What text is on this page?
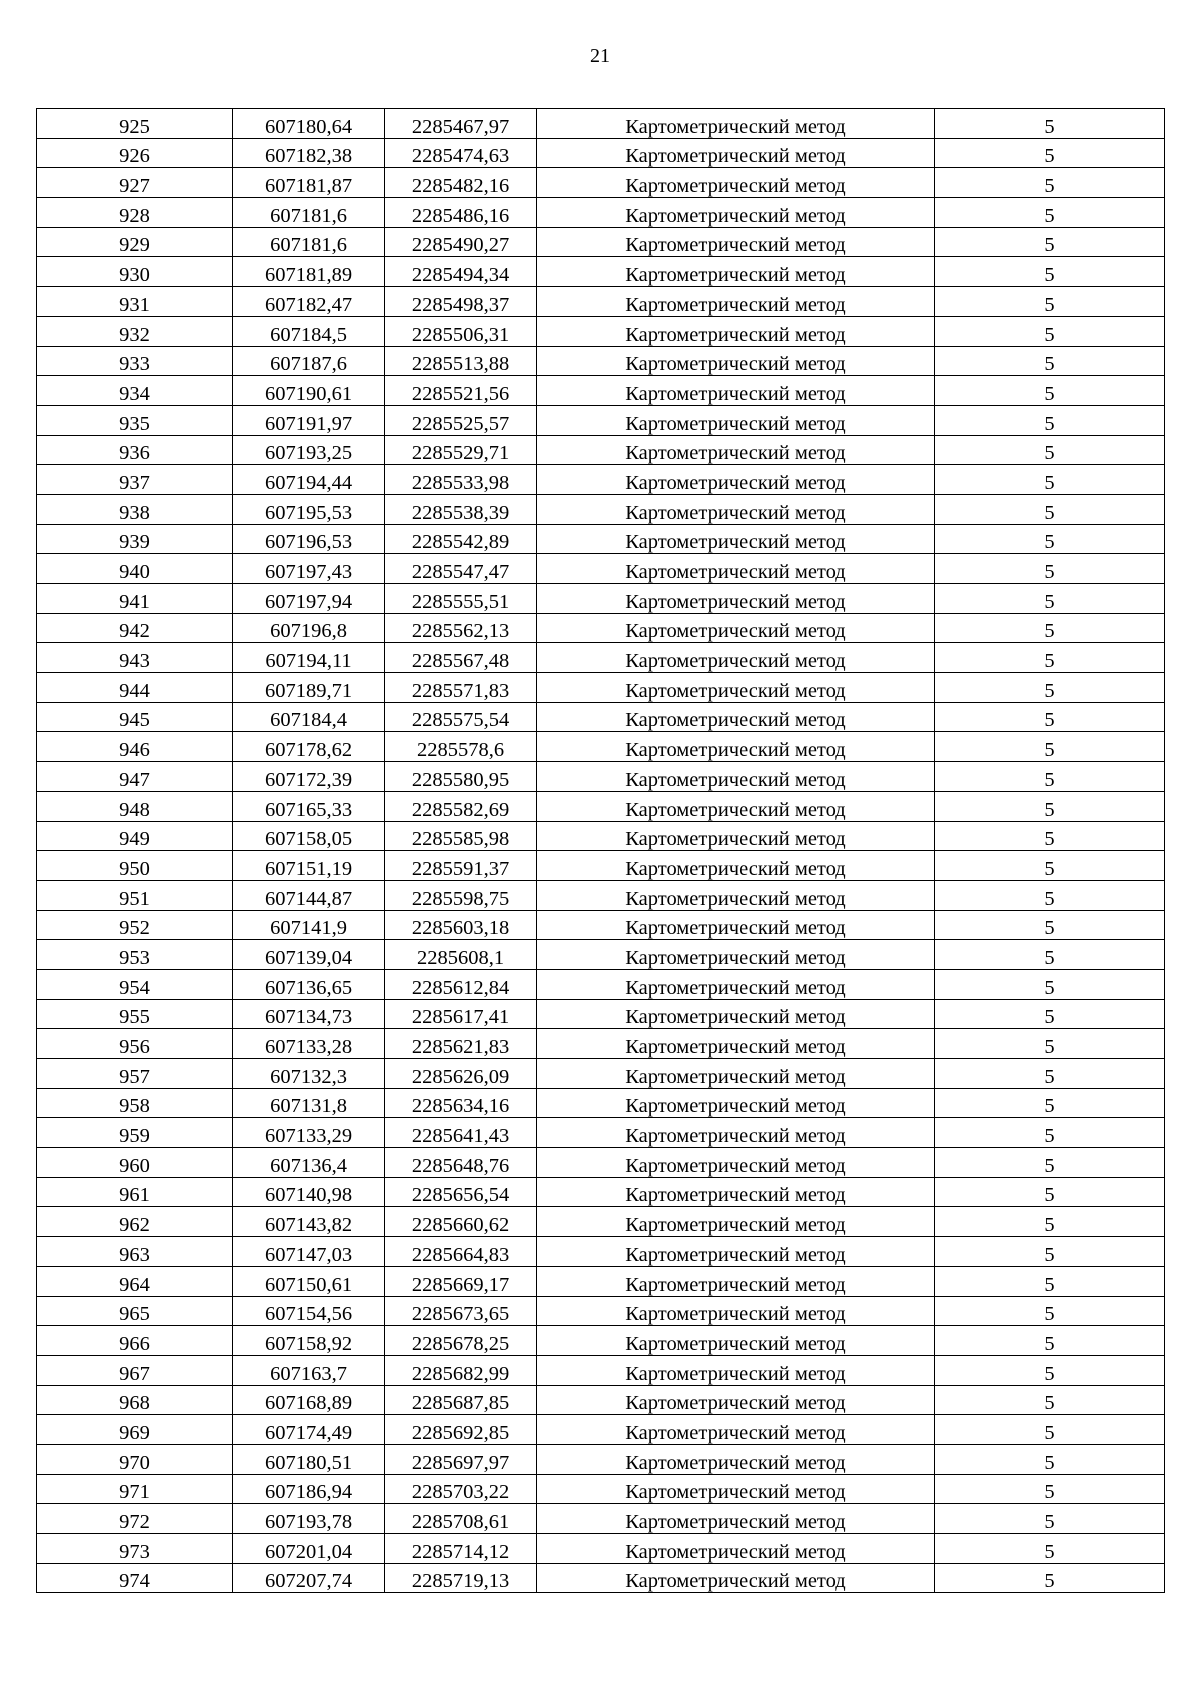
21
925	607180,64	2285467,97	Картометрический метод	5
926	607182,38	2285474,63	Картометрический метод	5
927	607181,87	2285482,16	Картометрический метод	5
928	607181,6	2285486,16	Картометрический метод	5
929	607181,6	2285490,27	Картометрический метод	5
930	607181,89	2285494,34	Картометрический метод	5
931	607182,47	2285498,37	Картометрический метод	5
932	607184,5	2285506,31	Картометрический метод	5
933	607187,6	2285513,88	Картометрический метод	5
934	607190,61	2285521,56	Картометрический метод	5
935	607191,97	2285525,57	Картометрический метод	5
936	607193,25	2285529,71	Картометрический метод	5
937	607194,44	2285533,98	Картометрический метод	5
938	607195,53	2285538,39	Картометрический метод	5
939	607196,53	2285542,89	Картометрический метод	5
940	607197,43	2285547,47	Картометрический метод	5
941	607197,94	2285555,51	Картометрический метод	5
942	607196,8	2285562,13	Картометрический метод	5
943	607194,11	2285567,48	Картометрический метод	5
944	607189,71	2285571,83	Картометрический метод	5
945	607184,4	2285575,54	Картометрический метод	5
946	607178,62	2285578,6	Картометрический метод	5
947	607172,39	2285580,95	Картометрический метод	5
948	607165,33	2285582,69	Картометрический метод	5
949	607158,05	2285585,98	Картометрический метод	5
950	607151,19	2285591,37	Картометрический метод	5
951	607144,87	2285598,75	Картометрический метод	5
952	607141,9	2285603,18	Картометрический метод	5
953	607139,04	2285608,1	Картометрический метод	5
954	607136,65	2285612,84	Картометрический метод	5
955	607134,73	2285617,41	Картометрический метод	5
956	607133,28	2285621,83	Картометрический метод	5
957	607132,3	2285626,09	Картометрический метод	5
958	607131,8	2285634,16	Картометрический метод	5
959	607133,29	2285641,43	Картометрический метод	5
960	607136,4	2285648,76	Картометрический метод	5
961	607140,98	2285656,54	Картометрический метод	5
962	607143,82	2285660,62	Картометрический метод	5
963	607147,03	2285664,83	Картометрический метод	5
964	607150,61	2285669,17	Картометрический метод	5
965	607154,56	2285673,65	Картометрический метод	5
966	607158,92	2285678,25	Картометрический метод	5
967	607163,7	2285682,99	Картометрический метод	5
968	607168,89	2285687,85	Картометрический метод	5
969	607174,49	2285692,85	Картометрический метод	5
970	607180,51	2285697,97	Картометрический метод	5
971	607186,94	2285703,22	Картометрический метод	5
972	607193,78	2285708,61	Картометрический метод	5
973	607201,04	2285714,12	Картометрический метод	5
974	607207,74	2285719,13	Картометрический метод	5
